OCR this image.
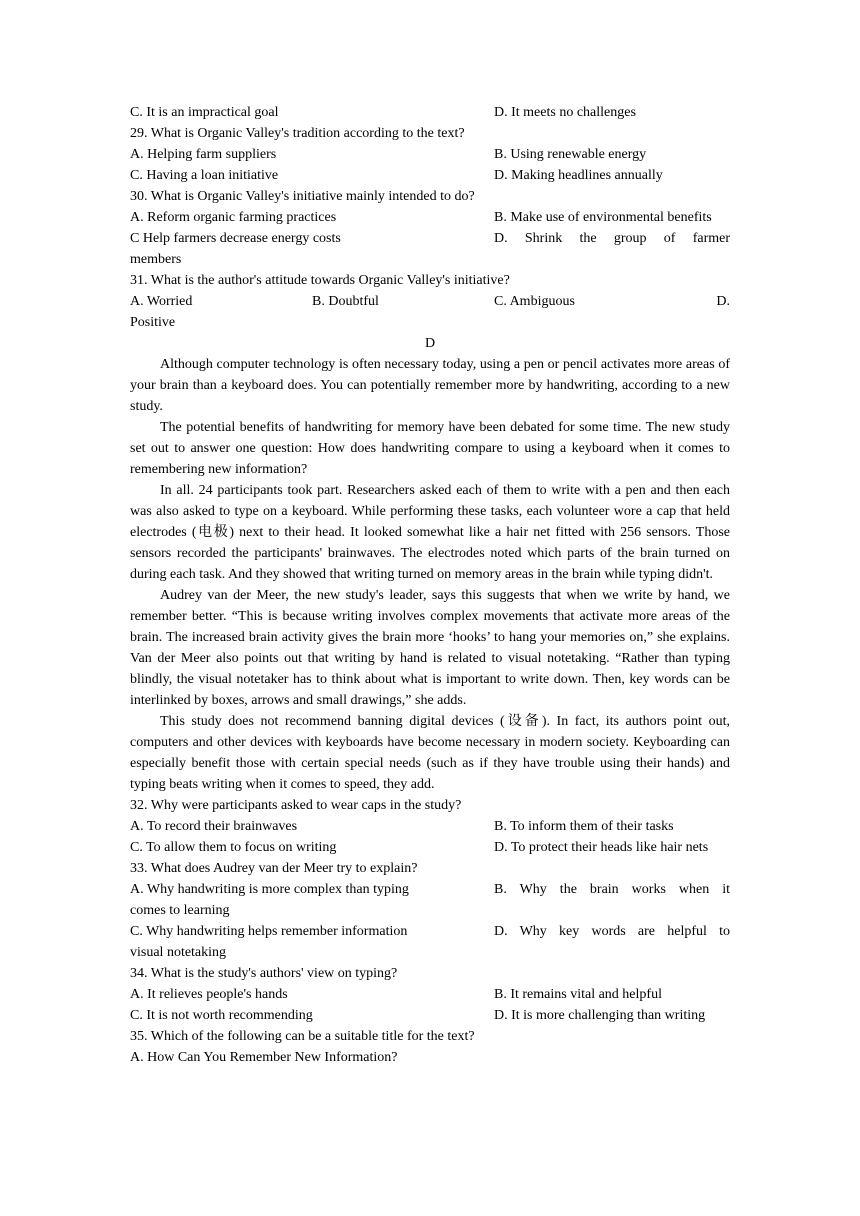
C. It is an impractical goal	D. It meets no challenges

29. What is Organic Valley's tradition according to the text?

A. Helping farm suppliers	B. Using renewable energy
C. Having a loan initiative	D. Making headlines annually

30. What is Organic Valley's initiative mainly intended to do?

A. Reform organic farming practices	B. Make use of environmental benefits
C Help farmers decrease energy costs	D. Shrink the group of farmer

members

31. What is the author's attitude towards Organic Valley's initiative?

A. Worried	B. Doubtful	C. Ambiguous	D.

Positive

D

Although computer technology is often necessary today, using a pen or pencil activates more areas of your brain than a keyboard does. You can potentially remember more by handwriting, according to a new study.

The potential benefits of handwriting for memory have been debated for some time. The new study set out to answer one question: How does handwriting compare to using a keyboard when it comes to remembering new information?

In all. 24 participants took part. Researchers asked each of them to write with a pen and then each was also asked to type on a keyboard. While performing these tasks, each volunteer wore a cap that held electrodes (电极) next to their head. It looked somewhat like a hair net fitted with 256 sensors. Those sensors recorded the participants' brainwaves. The electrodes noted which parts of the brain turned on during each task. And they showed that writing turned on memory areas in the brain while typing didn't.

Audrey van der Meer, the new study's leader, says this suggests that when we write by hand, we remember better. “This is because writing involves complex movements that activate more areas of the brain. The increased brain activity gives the brain more ‘hooks’ to hang your memories on,” she explains. Van der Meer also points out that writing by hand is related to visual notetaking. “Rather than typing blindly, the visual notetaker has to think about what is important to write down. Then, key words can be interlinked by boxes, arrows and small drawings,” she adds.

This study does not recommend banning digital devices (设备). In fact, its authors point out, computers and other devices with keyboards have become necessary in modern society. Keyboarding can especially benefit those with certain special needs (such as if they have trouble using their hands) and typing beats writing when it comes to speed, they add.

32. Why were participants asked to wear caps in the study?

A. To record their brainwaves	B. To inform them of their tasks
C. To allow them to focus on writing	D. To protect their heads like hair nets

33. What does Audrey van der Meer try to explain?

A. Why handwriting is more complex than typing	B. Why the brain works when it

comes to learning

C. Why handwriting helps remember information	D. Why key words are helpful to

visual notetaking

34. What is the study's authors' view on typing?

A. It relieves people's hands	B. It remains vital and helpful
C. It is not worth recommending	D. It is more challenging than writing

35. Which of the following can be a suitable title for the text?

A. How Can You Remember New Information?
